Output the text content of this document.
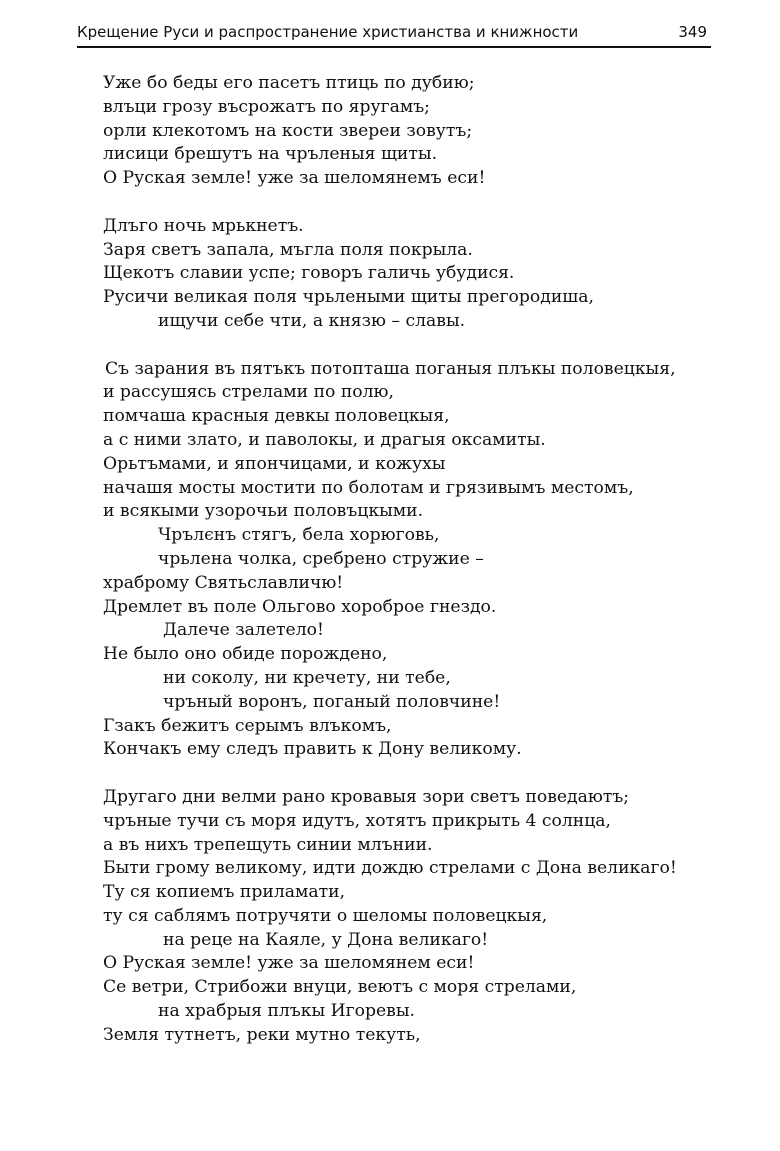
Крещение Руси и распространение христианства и книжности	349
Уже бо беды его пасетъ птиць по дубию;
влъци грозу въсрожатъ по яругамъ;
орли клекотомъ на кости звереи зовутъ;
лисици брешутъ на чръленыя щиты.
О Руская земле! уже за шеломянемъ еси!
Длъго ночь мрькнетъ.
Заря светъ запала, мъгла поля покрыла.
Щекотъ славии успе; говоръ галичь убудися.
Русичи великая поля чрьлеными щиты прегородиша,
ищучи себе чти, а князю – славы.
Съ зарания въ пятъкъ потопташа поганыя плъкы половецкыя,
и рассушясь стрелами по полю,
помчаша красныя девкы половецкыя,
а с ними злато, и паволокы, и драгыя оксамиты.
Орьтъмами, и япончицами, и кожухы
начашя мосты мостити по болотам и грязивымъ местомъ,
и всякыми узорочьи половъцкыми.
Чрълєнъ стягъ, бела хорюговь,
чрьлена чолка, сребрено стружие –
храброму Святьславличю!
Дремлет въ поле Ольгово хороброе гнездо.
Далече залетело!
Не было оно обиде порождено,
ни соколу, ни кречету, ни тебе,
чръный воронъ, поганый половчине!
Гзакъ бежитъ серымъ влъкомъ,
Кончакъ ему следъ править к Дону великому.
Другаго дни велми рано кровавыя зори светъ поведаютъ;
чръные тучи съ моря идутъ, хотятъ прикрыть 4 солнца,
а въ нихъ трепещуть синии млънии.
Быти грому великому, идти дождю стрелами с Дона великаго!
Ту ся копиемъ приламати,
ту ся саблямъ потручяти о шеломы половецкыя,
на реце на Каяле, у Дона великаго!
О Руская земле! уже за шеломянем еси!
Се ветри, Стрибожи внуци, веютъ с моря стрелами,
на храбрыя плъкы Игоревы.
Земля тутнетъ, реки мутно текуть,
